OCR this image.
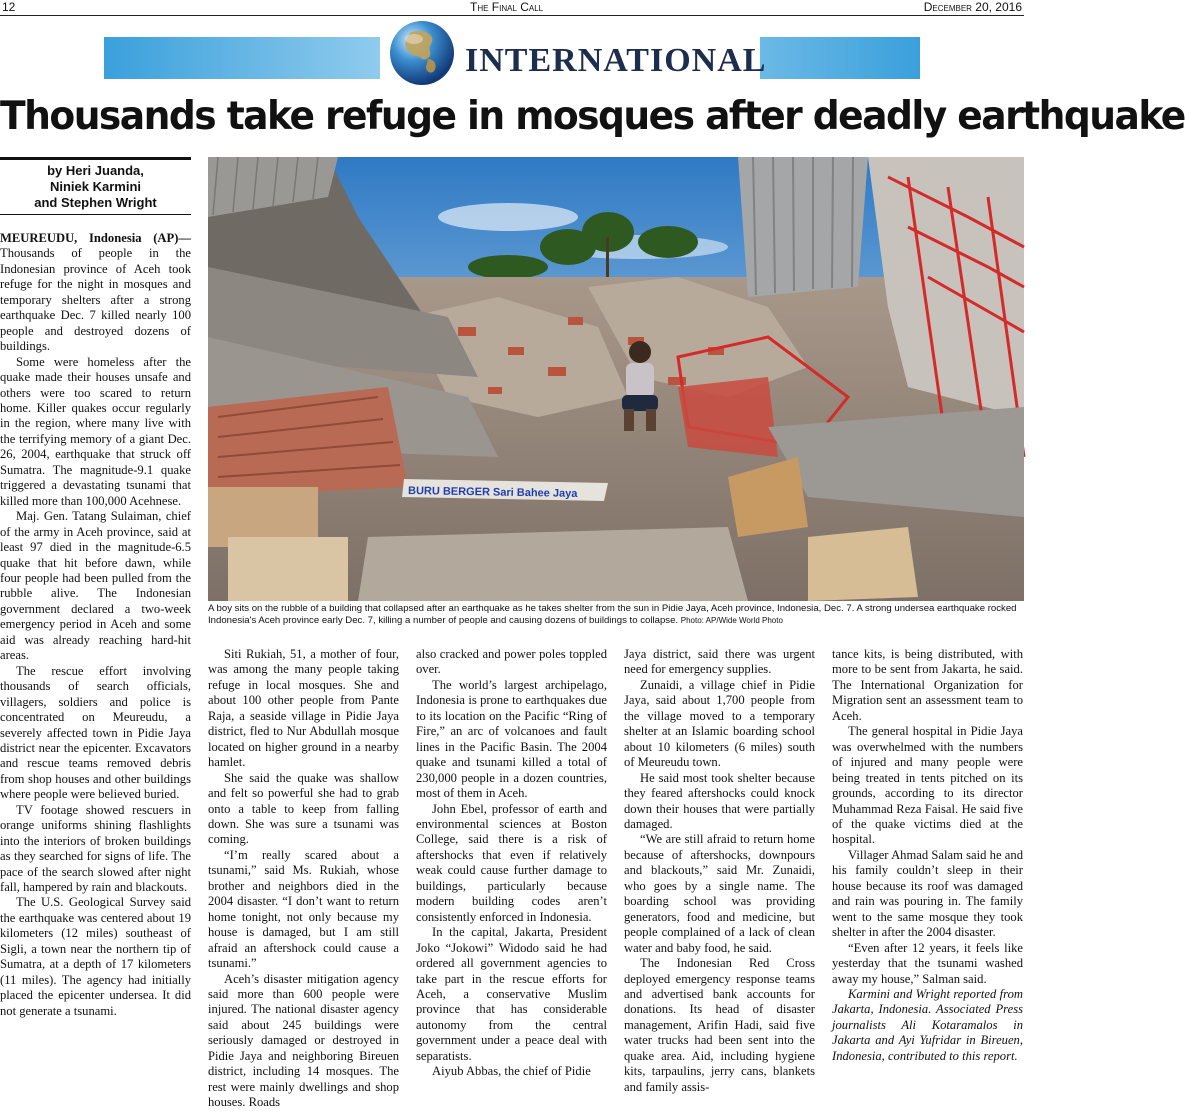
12	The Final Call	December 20, 2016
INTERNATIONAL
Thousands take refuge in mosques after deadly earthquake
by Heri Juanda,
Niniek Karmini
and Stephen Wright
BURU BERGER Sari Bahee Jaya
A boy sits on the rubble of a building that collapsed after an earthquake as he takes shelter from the sun in Pidie Jaya, Aceh province, Indonesia, Dec. 7. A strong undersea earthquake rocked Indonesia's Aceh province early Dec. 7, killing a number of people and causing dozens of buildings to collapse. Photo: AP/Wide World Photo

MEUREUDU, Indonesia (AP)—Thousands of people in the Indonesian province of Aceh took refuge for the night in mosques and temporary shelters after a strong earthquake Dec. 7 killed nearly 100 people and destroyed dozens of buildings.

Some were homeless after the quake made their houses unsafe and others were too scared to return home. Killer quakes occur regularly in the region, where many live with the terrifying memory of a giant Dec. 26, 2004, earthquake that struck off Sumatra. The magnitude-9.1 quake triggered a devastating tsunami that killed more than 100,000 Acehnese.

Maj. Gen. Tatang Sulaiman, chief of the army in Aceh province, said at least 97 died in the magnitude-6.5 quake that hit before dawn, while four people had been pulled from the rubble alive. The Indonesian government declared a two-week emergency period in Aceh and some aid was already reaching hard-hit areas.

The rescue effort involving thousands of search officials, villagers, soldiers and police is concentrated on Meureudu, a severely affected town in Pidie Jaya district near the epicenter. Excavators and rescue teams removed debris from shop houses and other buildings where people were believed buried.

TV footage showed rescuers in orange uniforms shining flashlights into the interiors of broken buildings as they searched for signs of life. The pace of the search slowed after night fall, hampered by rain and blackouts.

The U.S. Geological Survey said the earthquake was centered about 19 kilometers (12 miles) southeast of Sigli, a town near the northern tip of Sumatra, at a depth of 17 kilometers (11 miles). The agency had initially placed the epicenter undersea. It did not generate a tsunami.

Siti Rukiah, 51, a mother of four, was among the many people taking refuge in local mosques. She and about 100 other people from Pante Raja, a seaside village in Pidie Jaya district, fled to Nur Abdullah mosque located on higher ground in a nearby hamlet.

She said the quake was shallow and felt so powerful she had to grab onto a table to keep from falling down. She was sure a tsunami was coming.

“I’m really scared about a tsunami,” said Ms. Rukiah, whose brother and neighbors died in the 2004 disaster. “I don’t want to return home tonight, not only because my house is damaged, but I am still afraid an aftershock could cause a tsunami.”

Aceh’s disaster mitigation agency said more than 600 people were injured. The national disaster agency said about 245 buildings were seriously damaged or destroyed in Pidie Jaya and neighboring Bireuen district, including 14 mosques. The rest were mainly dwellings and shop houses. Roads

also cracked and power poles toppled over.

The world’s largest archipelago, Indonesia is prone to earthquakes due to its location on the Pacific “Ring of Fire,” an arc of volcanoes and fault lines in the Pacific Basin. The 2004 quake and tsunami killed a total of 230,000 people in a dozen countries, most of them in Aceh.

John Ebel, professor of earth and environmental sciences at Boston College, said there is a risk of aftershocks that even if relatively weak could cause further damage to buildings, particularly because modern building codes aren’t consistently enforced in Indonesia.

In the capital, Jakarta, President Joko “Jokowi” Widodo said he had ordered all government agencies to take part in the rescue efforts for Aceh, a conservative Muslim province that has considerable autonomy from the central government under a peace deal with separatists.

Aiyub Abbas, the chief of Pidie

Jaya district, said there was urgent need for emergency supplies.

Zunaidi, a village chief in Pidie Jaya, said about 1,700 people from the village moved to a temporary shelter at an Islamic boarding school about 10 kilometers (6 miles) south of Meureudu town.

He said most took shelter because they feared aftershocks could knock down their houses that were partially damaged.

“We are still afraid to return home because of aftershocks, downpours and blackouts,” said Mr. Zunaidi, who goes by a single name. The boarding school was providing generators, food and medicine, but people complained of a lack of clean water and baby food, he said.

The Indonesian Red Cross deployed emergency response teams and advertised bank accounts for donations. Its head of disaster management, Arifin Hadi, said five water trucks had been sent into the quake area. Aid, including hygiene kits, tarpaulins, jerry cans, blankets and family assis-

tance kits, is being distributed, with more to be sent from Jakarta, he said. The International Organization for Migration sent an assessment team to Aceh.

The general hospital in Pidie Jaya was overwhelmed with the numbers of injured and many people were being treated in tents pitched on its grounds, according to its director Muhammad Reza Faisal. He said five of the quake victims died at the hospital.

Villager Ahmad Salam said he and his family couldn’t sleep in their house because its roof was damaged and rain was pouring in. The family went to the same mosque they took shelter in after the 2004 disaster.

“Even after 12 years, it feels like yesterday that the tsunami washed away my house,” Salman said.

Karmini and Wright reported from Jakarta, Indonesia. Associated Press journalists Ali Kotaramalos in Jakarta and Ayi Yufridar in Bireuen, Indonesia, contributed to this report.
